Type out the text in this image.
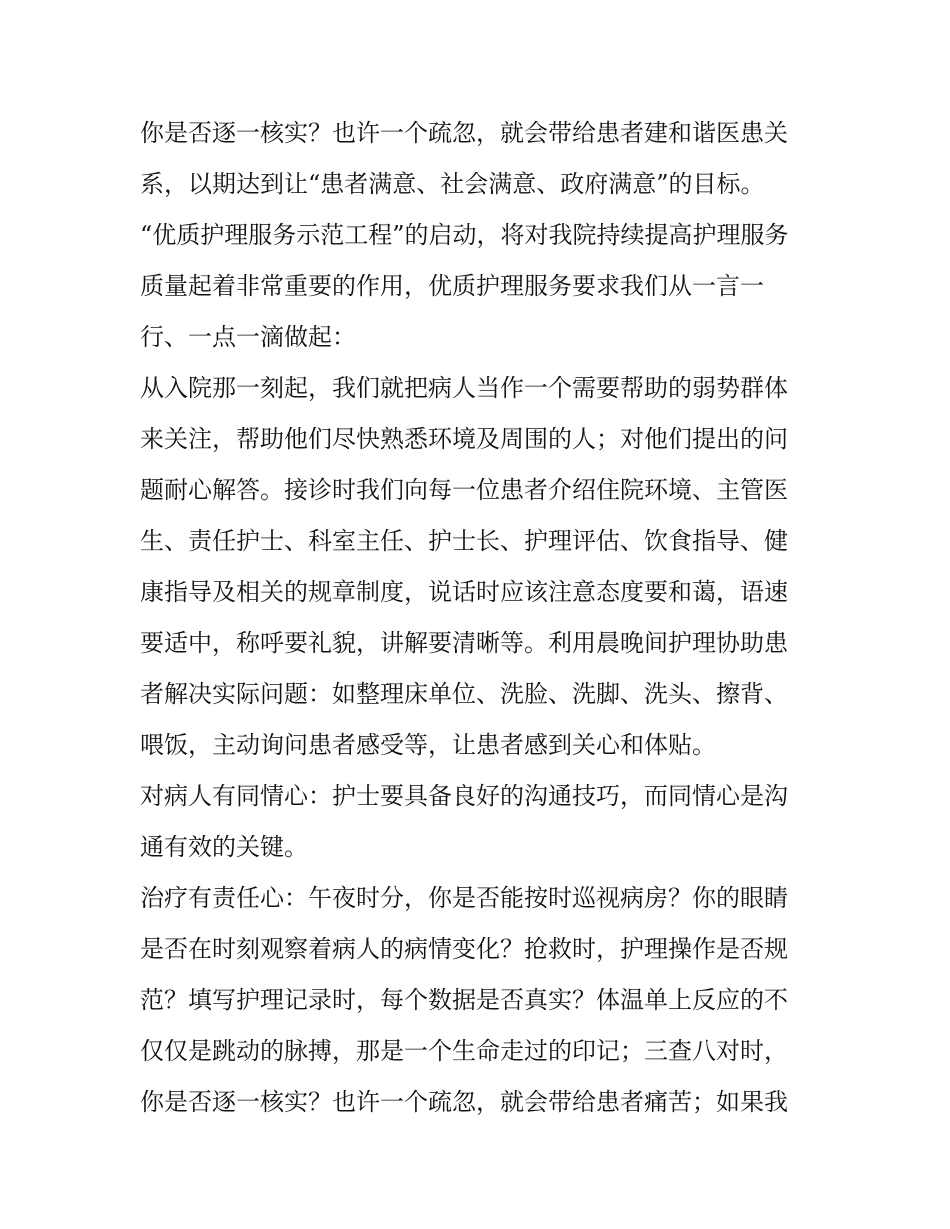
你是否逐一核实？也许一个疏忽，就会带给患者建和谐医患关
系，以期达到让“患者满意、社会满意、政府满意”的目标。
“优质护理服务示范工程”的启动，将对我院持续提高护理服务
质量起着非常重要的作用，优质护理服务要求我们从一言一
行、一点一滴做起：
从入院那一刻起，我们就把病人当作一个需要帮助的弱势群体
来关注，帮助他们尽快熟悉环境及周围的人；对他们提出的问
题耐心解答。接诊时我们向每一位患者介绍住院环境、主管医
生、责任护士、科室主任、护士长、护理评估、饮食指导、健
康指导及相关的规章制度，说话时应该注意态度要和蔼，语速
要适中，称呼要礼貌，讲解要清晰等。利用晨晚间护理协助患
者解决实际问题：如整理床单位、洗脸、洗脚、洗头、擦背、
喂饭，主动询问患者感受等，让患者感到关心和体贴。
对病人有同情心：护士要具备良好的沟通技巧，而同情心是沟
通有效的关键。
治疗有责任心：午夜时分，你是否能按时巡视病房？你的眼睛
是否在时刻观察着病人的病情变化？抢救时，护理操作是否规
范？填写护理记录时，每个数据是否真实？体温单上反应的不
仅仅是跳动的脉搏，那是一个生命走过的印记；三查八对时，
你是否逐一核实？也许一个疏忽，就会带给患者痛苦；如果我
